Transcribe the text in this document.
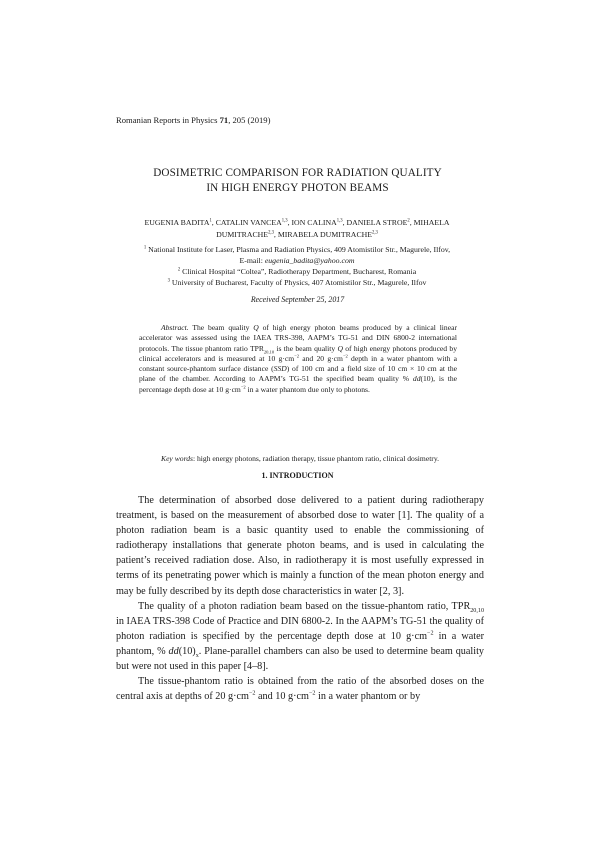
Romanian Reports in Physics 71, 205 (2019)
DOSIMETRIC COMPARISON FOR RADIATION QUALITY
IN HIGH ENERGY PHOTON BEAMS
EUGENIA BADITA$^1$, CATALIN VANCEA$^{1,3}$, ION CALINA$^{1,3}$, DANIELA STROE$^2$, MIHAELA DUMITRACHE$^{2,3}$, MIRABELA DUMITRACHE$^{2,3}$
$^1$ National Institute for Laser, Plasma and Radiation Physics, 409 Atomistilor Str., Magurele, Ilfov,
E-mail: eugenia_badita@yahoo.com
$^2$ Clinical Hospital “Coltea”, Radiotherapy Department, Bucharest, Romania
$^3$ University of Bucharest, Faculty of Physics, 407 Atomistilor Str., Magurele, Ilfov
Received September 25, 2017
Abstract. The beam quality Q of high energy photon beams produced by a clinical linear accelerator was assessed using the IAEA TRS-398, AAPM’s TG-51 and DIN 6800-2 international protocols. The tissue phantom ratio $TPR_{20,10}$ is the beam quality Q of high energy photons produced by clinical accelerators and is measured at 10 $g\cdot cm^{-2}$ and 20 $g\cdot cm^{-2}$ depth in a water phantom with a constant source-phantom surface distance (SSD) of 100 cm and a field size of 10 cm × 10 cm at the plane of the chamber. According to AAPM’s TG-51 the specified beam quality % dd(10), is the percentage depth dose at 10 $g\cdot cm^{-2}$ in a water phantom due only to photons.
Key words: high energy photons, radiation therapy, tissue phantom ratio, clinical dosimetry.
1. INTRODUCTION

The determination of absorbed dose delivered to a patient during radiotherapy treatment, is based on the measurement of absorbed dose to water [1]. The quality of a photon radiation beam is a basic quantity used to enable the commissioning of radiotherapy installations that generate photon beams, and is used in calculating the patient’s received radiation dose. Also, in radiotherapy it is most usefully expressed in terms of its penetrating power which is mainly a function of the mean photon energy and may be fully described by its depth dose characteristics in water [2, 3].

The quality of a photon radiation beam based on the tissue-phantom ratio, $TPR_{20,10}$ in IAEA TRS-398 Code of Practice and DIN 6800-2. In the AAPM’s TG-51 the quality of photon radiation is specified by the percentage depth dose at 10 $g\cdot cm^{-2}$ in a water phantom, % $dd(10)_x$. Plane-parallel chambers can also be used to determine beam quality but were not used in this paper [4–8].

The tissue-phantom ratio is obtained from the ratio of the absorbed doses on the central axis at depths of 20 $g\cdot cm^{-2}$ and 10 $g\cdot cm^{-2}$ in a water phantom or by
